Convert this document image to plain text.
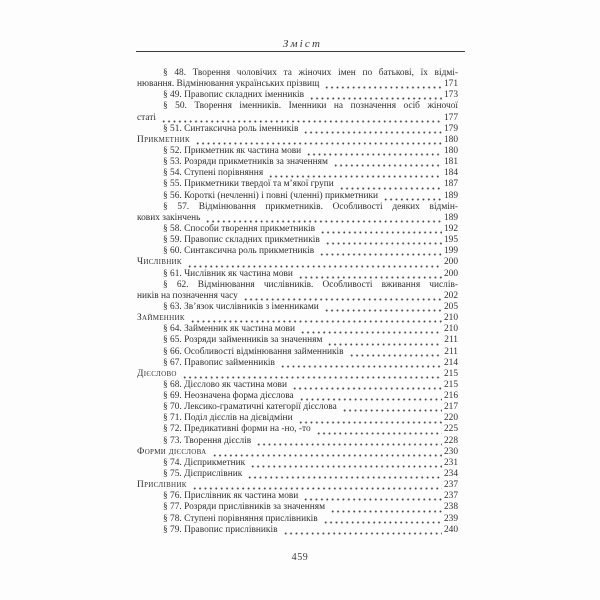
Зміст
§ 48. Творення чоловічих та жіночих імен по батькові, їх відмі-
нювання. Відмінювання українських прізвищ	171
§ 49. Правопис складних іменників	173
§ 50. Творення іменників. Іменники на позначення осіб жіночої
статі	177
§ 51. Синтаксична роль іменників	179
Прикметник	180
§ 52. Прикметник як частина мови	180
§ 53. Розряди прикметників за значенням	181
§ 54. Ступені порівняння	184
§ 55. Прикметники твердої та м’якої групи	187
§ 56. Короткі (нечленні) і повні (членні) прикметники	189
§ 57. Відмінювання прикметників. Особливості деяких відмін-
кових закінчень	189
§ 58. Способи творення прикметників	192
§ 59. Правопис складних прикметників	195
§ 60. Синтаксична роль прикметників	199
Числівник	200
§ 61. Числівник як частина мови	200
§ 62. Відмінювання числівників. Особливості вживання числів-
ників на позначення часу	202
§ 63. Зв’язок числівників з іменниками	205
Займенник	210
§ 64. Займенник як частина мови	210
§ 65. Розряди займенників за значенням	211
§ 66. Особливості відмінювання займенників	211
§ 67. Правопис займенників	214
Дієслово	215
§ 68. Дієслово як частина мови	215
§ 69. Неозначена форма дієслова	216
§ 70. Лексико-граматичні категорії дієслова	217
§ 71. Поділ дієслів на дієвідміни	220
§ 72. Предикативні форми на -но, -то	225
§ 73. Творення дієслів	228
Форми дієслова	230
§ 74. Дієприкметник	231
§ 75. Дієприслівник	234
Прислівник	237
§ 76. Прислівник як частина мови	237
§ 77. Розряди прислівників за значенням	238
§ 78. Ступені порівняння прислівників	239
§ 79. Правопис прислівників	240
459
